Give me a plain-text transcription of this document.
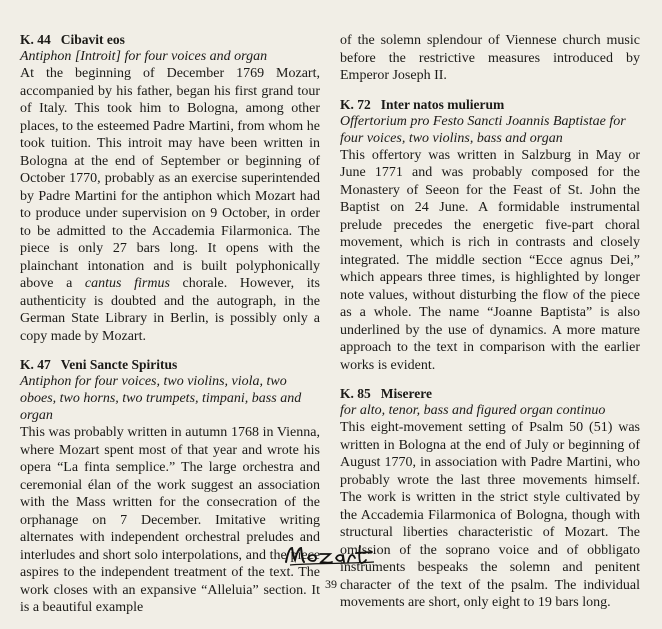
K. 44 Cibavit eos
Antiphon [Introit] for four voices and organ

At the beginning of December 1769 Mozart, accompanied by his father, began his first grand tour of Italy. This took him to Bologna, among other places, to the esteemed Padre Martini, from whom he took tuition. This introit may have been written in Bologna at the end of September or beginning of October 1770, probably as an exercise superintended by Padre Martini for the antiphon which Mozart had to produce under supervision on 9 October, in order to be admitted to the Accademia Filarmonica. The piece is only 27 bars long. It opens with the plainchant intonation and is built polyphonically above a cantus firmus chorale. However, its authenticity is doubted and the autograph, in the German State Library in Berlin, is possibly only a copy made by Mozart.

K. 47 Veni Sancte Spiritus
Antiphon for four voices, two violins, viola, two oboes, two horns, two trumpets, timpani, bass and organ

This was probably written in autumn 1768 in Vienna, where Mozart spent most of that year and wrote his opera “La finta semplice.” The large orchestra and ceremonial élan of the work suggest an association with the Mass written for the consecration of the orphanage on 7 December. Imitative writing alternates with independent orchestral preludes and interludes and short solo interpolations, and the piece aspires to the independent treatment of the text. The work closes with an expansive “Alleluia” section. It is a beautiful example

of the solemn splendour of Viennese church music before the restrictive measures introduced by Emperor Joseph II.

K. 72 Inter natos mulierum
Offertorium pro Festo Sancti Joannis Baptistae for four voices, two violins, bass and organ

This offertory was written in Salzburg in May or June 1771 and was probably composed for the Monastery of Seeon for the Feast of St. John the Baptist on 24 June. A formidable instrumental prelude precedes the energetic five-part choral movement, which is rich in contrasts and closely integrated. The middle section “Ecce agnus Dei,” which appears three times, is highlighted by longer note values, without disturbing the flow of the piece as a whole. The name “Joanne Baptista” is also underlined by the use of dynamics. A more mature approach to the text in comparison with the earlier works is evident.

K. 85 Miserere
for alto, tenor, bass and figured organ continuo

This eight-movement setting of Psalm 50 (51) was written in Bologna at the end of July or beginning of August 1770, in association with Padre Martini, who probably wrote the last three movements himself. The work is written in the strict style cultivated by the Accademia Filarmonica of Bologna, though with structural liberties characteristic of Mozart. The omission of the soprano voice and of obbligato instruments bespeaks the solemn and penitent character of the text of the psalm. The individual movements are short, only eight to 19 bars long.

39
